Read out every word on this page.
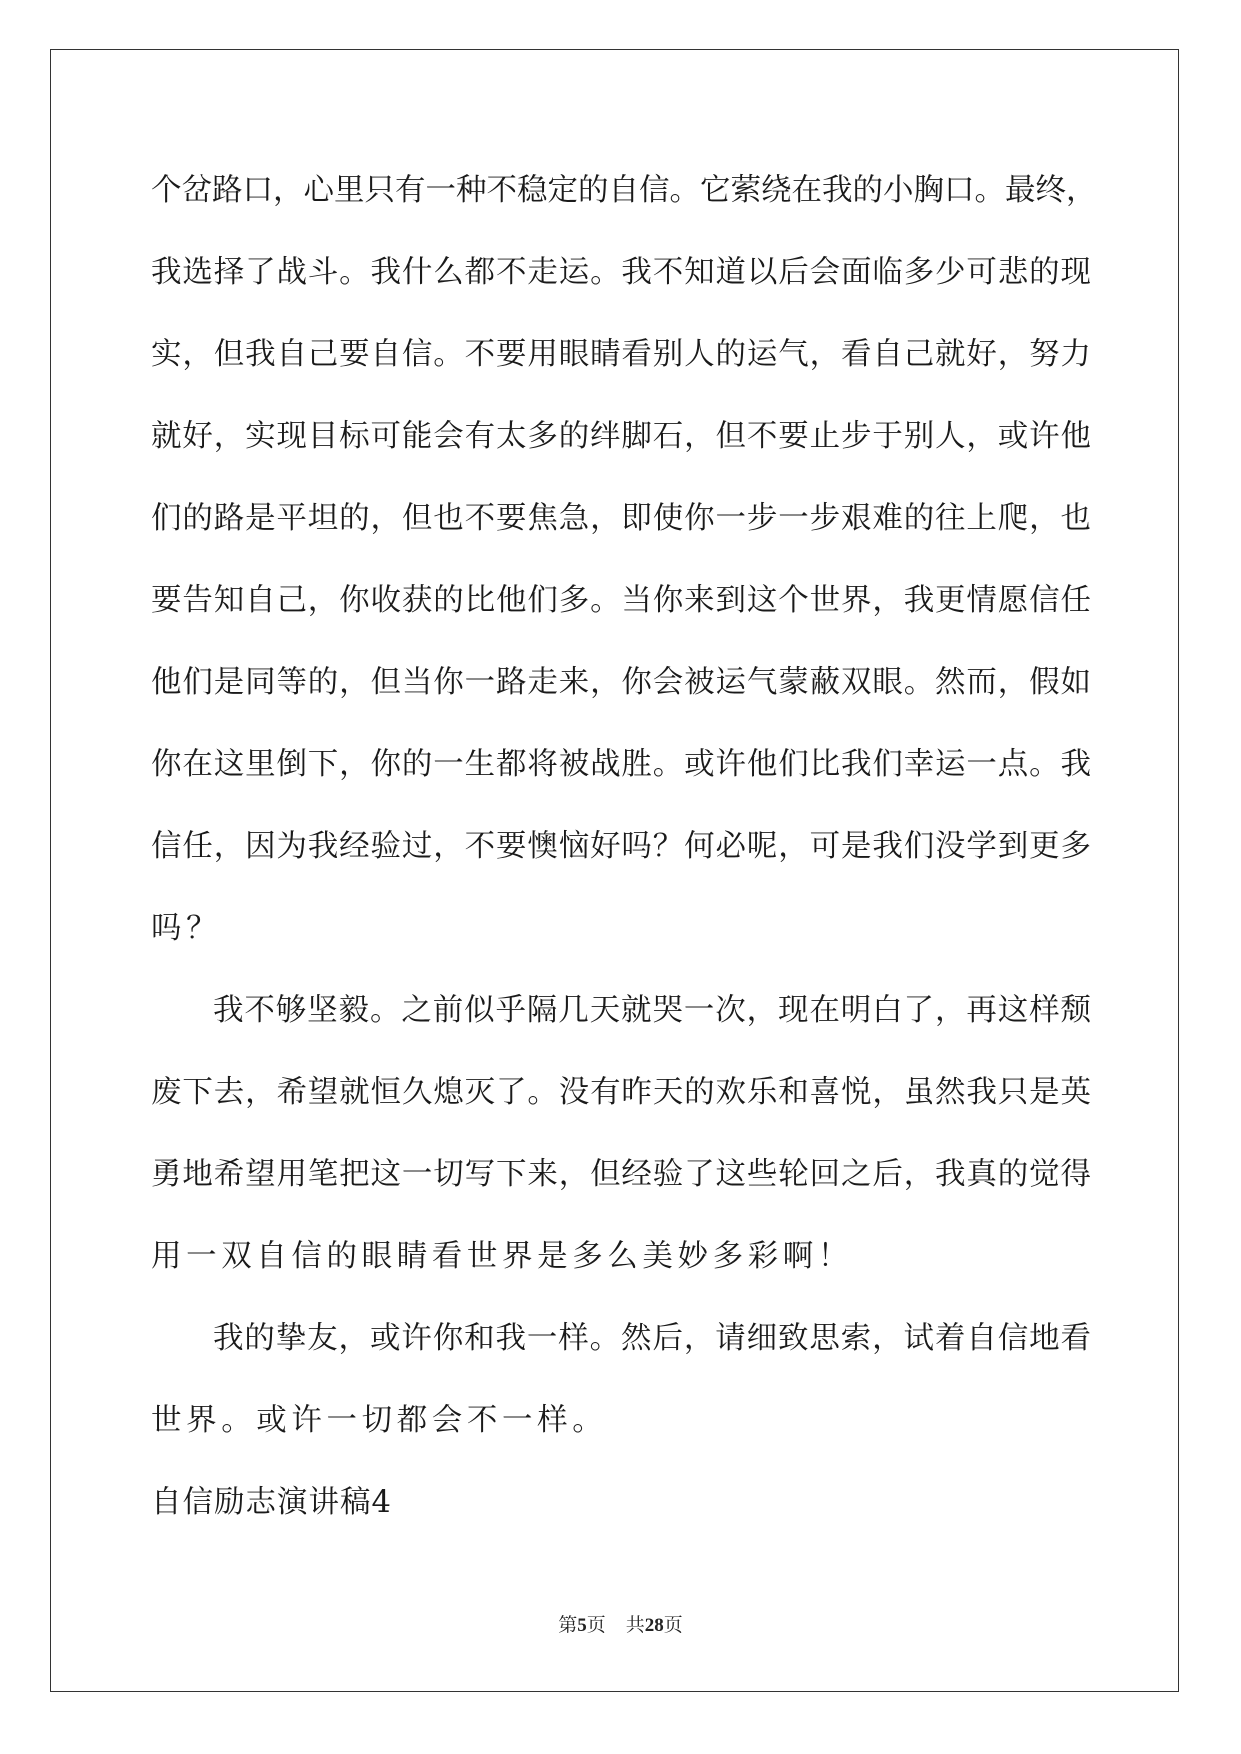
个岔路口，心里只有一种不稳定的自信。它萦绕在我的小胸口。最终，
我选择了战斗。我什么都不走运。我不知道以后会面临多少可悲的现
实，但我自己要自信。不要用眼睛看别人的运气，看自己就好，努力
就好，实现目标可能会有太多的绊脚石，但不要止步于别人，或许他
们的路是平坦的，但也不要焦急，即使你一步一步艰难的往上爬，也
要告知自己，你收获的比他们多。当你来到这个世界，我更情愿信任
他们是同等的，但当你一路走来，你会被运气蒙蔽双眼。然而，假如
你在这里倒下，你的一生都将被战胜。或许他们比我们幸运一点。我
信任，因为我经验过，不要懊恼好吗？何必呢，可是我们没学到更多
吗？
我不够坚毅。之前似乎隔几天就哭一次，现在明白了，再这样颓
废下去，希望就恒久熄灭了。没有昨天的欢乐和喜悦，虽然我只是英
勇地希望用笔把这一切写下来，但经验了这些轮回之后，我真的觉得
用一双自信的眼睛看世界是多么美妙多彩啊！
我的挚友，或许你和我一样。然后，请细致思索，试着自信地看
世界。或许一切都会不一样。
自信励志演讲稿4
第5页 共28页
